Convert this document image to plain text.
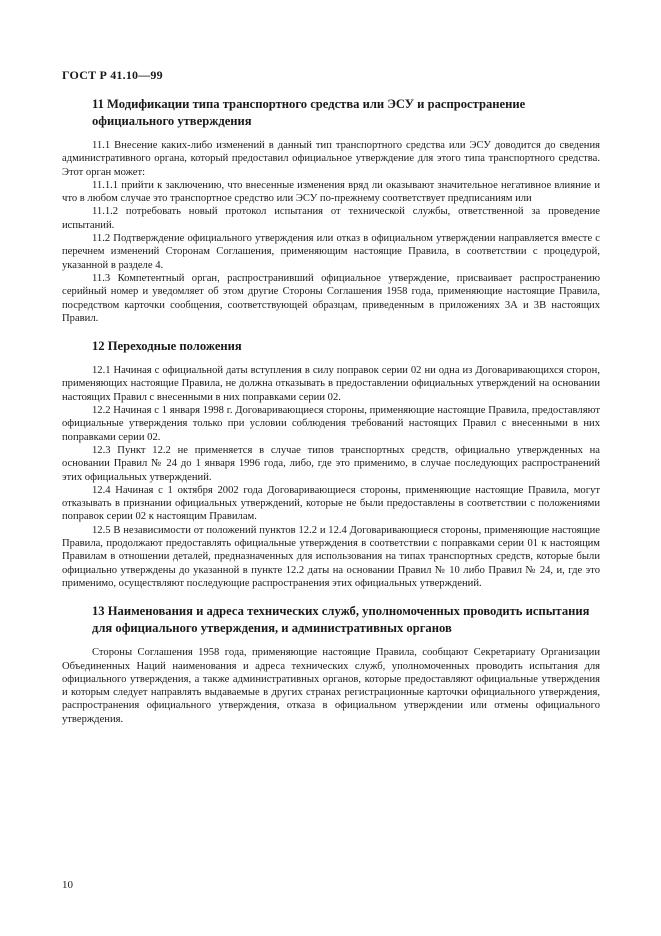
ГОСТ Р 41.10—99
11 Модификации типа транспортного средства или ЭСУ и распространение официального утверждения

11.1 Внесение каких-либо изменений в данный тип транспортного средства или ЭСУ доводится до сведения административного органа, который предоставил официальное утверждение для этого типа транспортного средства. Этот орган может:

11.1.1 прийти к заключению, что внесенные изменения вряд ли оказывают значительное негативное влияние и что в любом случае это транспортное средство или ЭСУ по-прежнему соответствует предписаниям или

11.1.2 потребовать новый протокол испытания от технической службы, ответственной за проведение испытаний.

11.2 Подтверждение официального утверждения или отказ в официальном утверждении направляется вместе с перечнем изменений Сторонам Соглашения, применяющим настоящие Правила, в соответствии с процедурой, указанной в разделе 4.

11.3 Компетентный орган, распространивший официальное утверждение, присваивает распространению серийный номер и уведомляет об этом другие Стороны Соглашения 1958 года, применяющие настоящие Правила, посредством карточки сообщения, соответствующей образцам, приведенным в приложениях 3А и 3В настоящих Правил.

12 Переходные положения

12.1 Начиная с официальной даты вступления в силу поправок серии 02 ни одна из Договаривающихся сторон, применяющих настоящие Правила, не должна отказывать в предоставлении официальных утверждений на основании настоящих Правил с внесенными в них поправками серии 02.

12.2 Начиная с 1 января 1998 г. Договаривающиеся стороны, применяющие настоящие Правила, предоставляют официальные утверждения только при условии соблюдения требований настоящих Правил с внесенными в них поправками серии 02.

12.3 Пункт 12.2 не применяется в случае типов транспортных средств, официально утвержденных на основании Правил № 24 до 1 января 1996 года, либо, где это применимо, в случае последующих распространений этих официальных утверждений.

12.4 Начиная с 1 октября 2002 года Договаривающиеся стороны, применяющие настоящие Правила, могут отказывать в признании официальных утверждений, которые не были предоставлены в соответствии с положениями поправок серии 02 к настоящим Правилам.

12.5 В независимости от положений пунктов 12.2 и 12.4 Договаривающиеся стороны, применяющие настоящие Правила, продолжают предоставлять официальные утверждения в соответствии с поправками серии 01 к настоящим Правилам в отношении деталей, предназначенных для использования на типах транспортных средств, которые были официально утверждены до указанной в пункте 12.2 даты на основании Правил № 10 либо Правил № 24, и, где это применимо, осуществляют последующие распространения этих официальных утверждений.

13 Наименования и адреса технических служб, уполномоченных проводить испытания для официального утверждения, и административных органов

Стороны Соглашения 1958 года, применяющие настоящие Правила, сообщают Секретариату Организации Объединенных Наций наименования и адреса технических служб, уполномоченных проводить испытания для официального утверждения, а также административных органов, которые предоставляют официальные утверждения и которым следует направлять выдаваемые в других странах регистрационные карточки официального утверждения, распространения официального утверждения, отказа в официальном утверждении или отмены официального утверждения.

10
